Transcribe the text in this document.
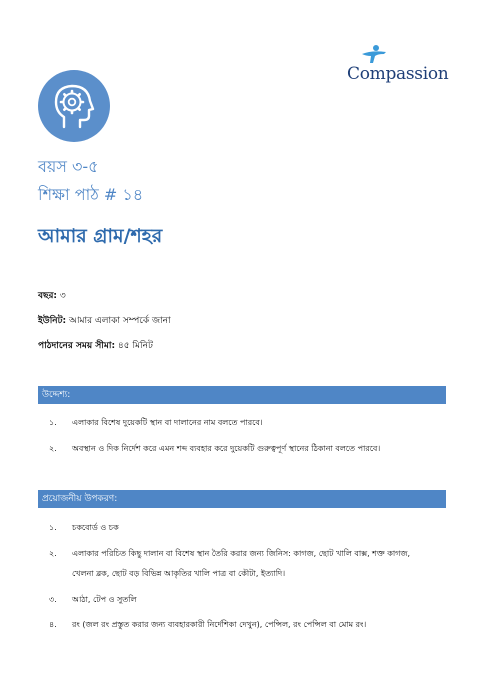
Compassion
বয়স ৩-৫
শিক্ষা পাঠ # ১৪
আমার গ্রাম/শহর
বছর: ৩
ইউনিট: আমার এলাকা সম্পর্কে জানা
পাঠদানের সময় সীমা: ৪৫ মিনিট
উদ্দেশ্য:
১. এলাকার বিশেষ দুয়েকটি স্থান বা দালানের নাম বলতে পারবে।
২. অবস্থান ও দিক নির্দেশ করে এমন শব্দ ব্যবহার করে দুয়েকটি গুরুত্বপূর্ণ স্থানের ঠিকানা বলতে পারবে।
প্রয়োজনীয় উপকরণ:
১. চকবোর্ড ও চক
২. এলাকার পরিচিত কিছু দালান বা বিশেষ স্থান তৈরি করার জন্য জিনিস: কাগজ, ছোট খালি বাক্স, শক্ত কাগজ,
খেলনা ব্লক, ছোট বড় বিভিন্ন আকৃতির খালি পাত্র বা কৌটা, ইত্যাদি।
৩. আঠা, টেপ ও সুতলি
৪. রং (জল রং প্রস্তুত করার জন্য ব্যবহারকারী নির্দেশিকা দেখুন), পেন্সিল, রং পেন্সিল বা মোম রং।
